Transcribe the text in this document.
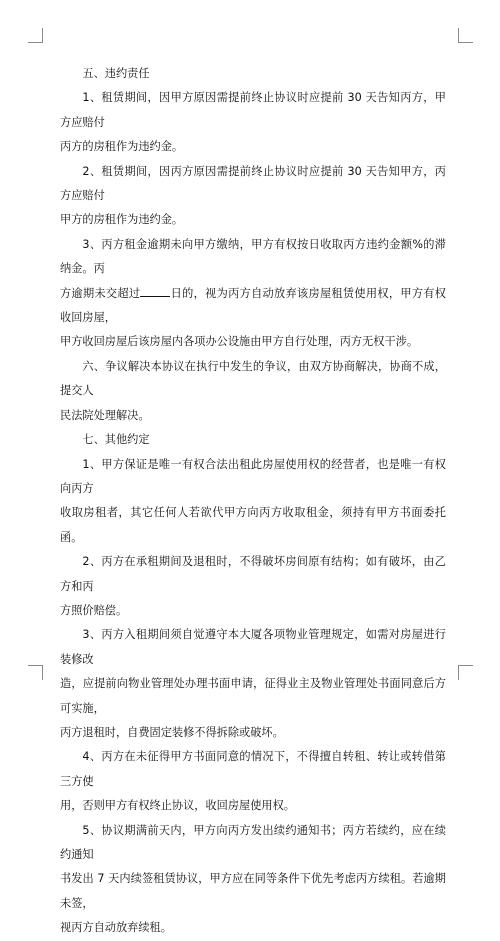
五、违约责任

1、租赁期间，因甲方原因需提前终止协议时应提前 30 天告知丙方，甲方应赔付
丙方的房租作为违约金。

2、租赁期间，因丙方原因需提前终止协议时应提前 30 天告知甲方，丙方应赔付
甲方的房租作为违约金。

3、丙方租金逾期未向甲方缴纳，甲方有权按日收取丙方违约金额%的滞纳金。丙
方逾期未交超过	日的，视为丙方自动放弃该房屋租赁使用权，甲方有权收回房屋，
甲方收回房屋后该房屋内各项办公设施由甲方自行处理，丙方无权干涉。

六、争议解决本协议在执行中发生的争议，由双方协商解决，协商不成，提交人
民法院处理解决。

七、其他约定

1、甲方保证是唯一有权合法出租此房屋使用权的经营者，也是唯一有权向丙方
收取房租者，其它任何人若欲代甲方向丙方收取租金，须持有甲方书面委托函。

2、丙方在承租期间及退租时，不得破坏房间原有结构；如有破坏，由乙方和丙
方照价赔偿。

3、丙方入租期间须自觉遵守本大厦各项物业管理规定，如需对房屋进行装修改
造，应提前向物业管理处办理书面申请，征得业主及物业管理处书面同意后方可实施，
丙方退租时，自费固定装修不得拆除或破坏。

4、丙方在未征得甲方书面同意的情况下，不得擅自转租、转让或转借第三方使
用，否则甲方有权终止协议，收回房屋使用权。

5、协议期满前天内，甲方向丙方发出续约通知书；丙方若续约，应在续约通知
书发出 7 天内续签租赁协议，甲方应在同等条件下优先考虑丙方续租。若逾期未签，
视丙方自动放弃续租。
